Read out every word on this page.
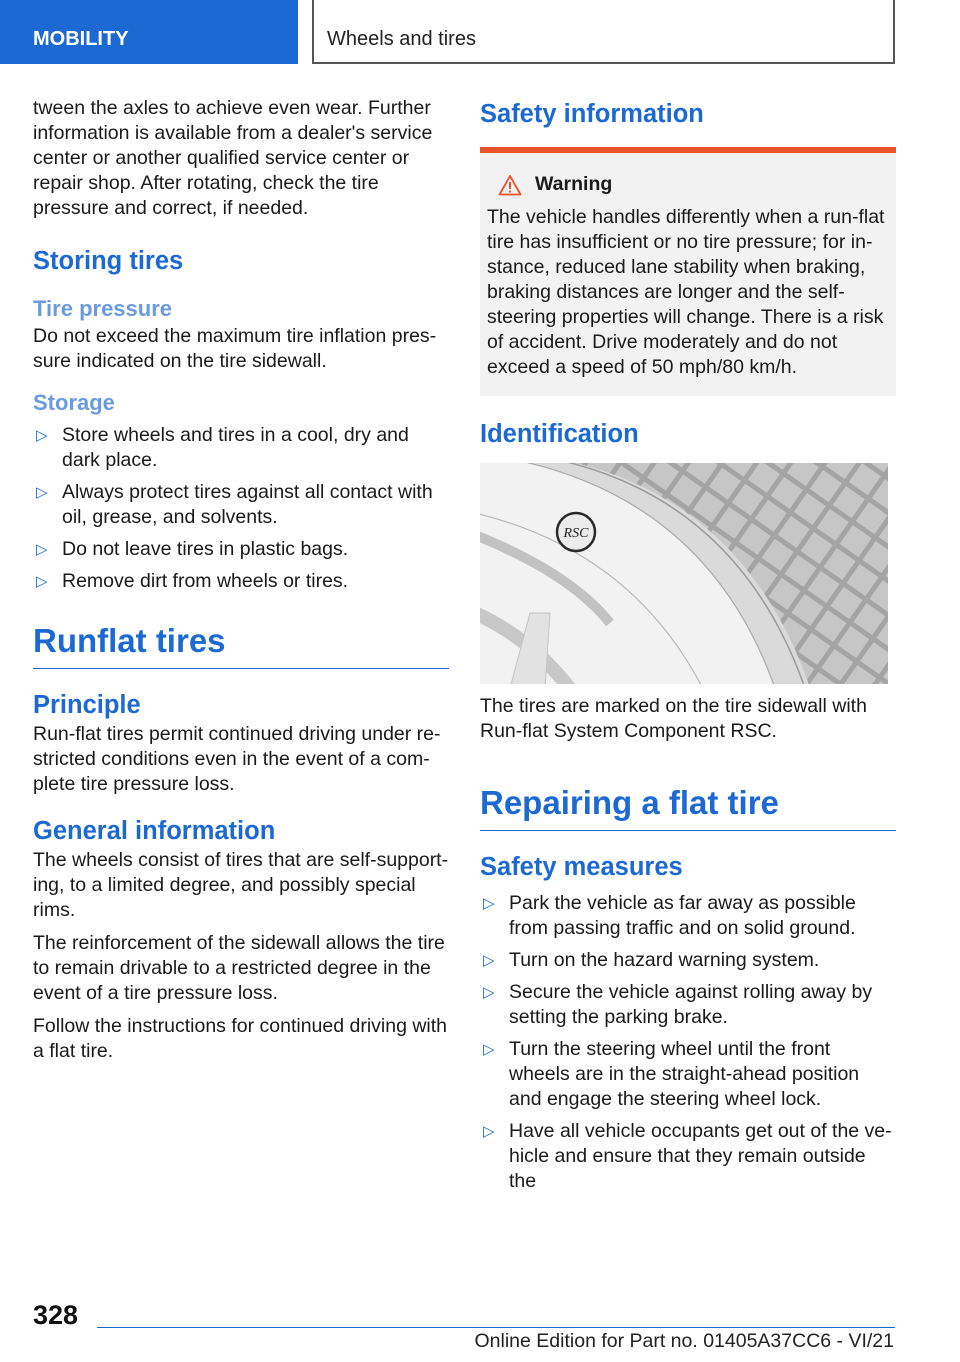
MOBILITY	Wheels and tires

tween the axles to achieve even wear. Further information is available from a dealer's service center or another qualified service center or repair shop. After rotating, check the tire pressure and correct, if needed.

Storing tires
Tire pressure

Do not exceed the maximum tire inflation pressure indicated on the tire sidewall.

Storage
▷ Store wheels and tires in a cool, dry and dark place.
▷ Always protect tires against all contact with oil, grease, and solvents.
▷ Do not leave tires in plastic bags.
▷ Remove dirt from wheels or tires.
Runflat tires
Principle

Run-flat tires permit continued driving under restricted conditions even in the event of a complete tire pressure loss.

General information

The wheels consist of tires that are self-supporting, to a limited degree, and possibly special rims.

The reinforcement of the sidewall allows the tire to remain drivable to a restricted degree in the event of a tire pressure loss.

Follow the instructions for continued driving with a flat tire.

Safety information
Warning

The vehicle handles differently when a run-flat tire has insufficient or no tire pressure; for instance, reduced lane stability when braking, braking distances are longer and the self-steering properties will change. There is a risk of accident. Drive moderately and do not exceed a speed of 50 mph/80 km/h.

Identification
RSC

The tires are marked on the tire sidewall with Run-flat System Component RSC.

Repairing a flat tire
Safety measures
▷ Park the vehicle as far away as possible from passing traffic and on solid ground.
▷ Turn on the hazard warning system.
▷ Secure the vehicle against rolling away by setting the parking brake.
▷ Turn the steering wheel until the front wheels are in the straight-ahead position and engage the steering wheel lock.
▷ Have all vehicle occupants get out of the vehicle and ensure that they remain outside the
328
Online Edition for Part no. 01405A37CC6 - VI/21
